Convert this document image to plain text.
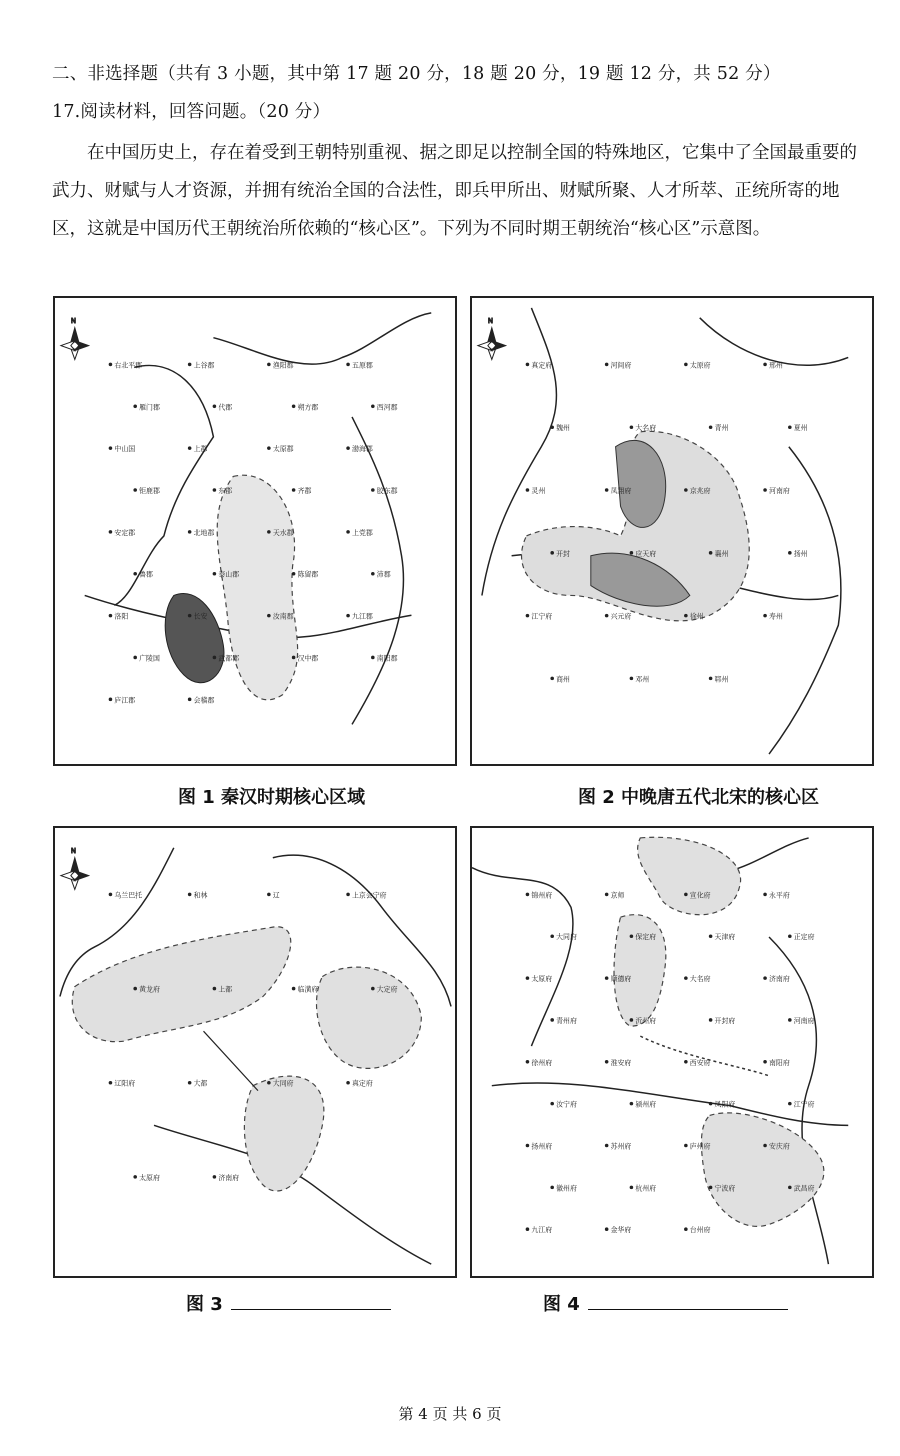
二、非选择题（共有 3 小题，其中第 17 题 20 分，18 题 20 分，19 题 12 分，共 52 分）
17.阅读材料，回答问题。（20 分）
在中国历史上，存在着受到王朝特别重视、据之即足以控制全国的特殊地区，它集中了全国最重要的武力、财赋与人才资源，并拥有统治全国的合法性，即兵甲所出、财赋所聚、人才所萃、正统所寄的地区，这就是中国历代王朝统治所依赖的“核心区”。下列为不同时期王朝统治“核心区”示意图。
N
右北平郡	上谷郡	渔阳郡	五原郡
雁门郡	代郡	朔方郡	西河郡
中山国	上郡	太原郡	渤海郡
钜鹿郡	东郡	齐郡	胶东郡
安定郡	北地郡	天水郡	上党郡
鲁郡	泰山郡	陈留郡	沛郡
洛阳	长安	汝南郡	九江郡
广陵国	武都郡	汉中郡	南阳郡
庐江郡	会稽郡
图 1 秦汉时期核心区域
N
真定府	河间府	太原府	邢州
魏州	大名府	青州	夏州
灵州	凤翔府	京兆府	河南府
开封	应天府	襄州	扬州
江宁府	兴元府	徐州	寿州
商州	邓州	郓州
图 2 中晚唐五代北宋的核心区
N
乌兰巴托	和林	辽	上京会宁府
黄龙府	上都	临潢府	大定府
辽阳府	大都	大同府	真定府
太原府	济南府
图 3
锦州府	京师	宣化府	永平府
大同府	保定府	天津府	正定府
太原府	顺德府	大名府	济南府
青州府	沂州府	开封府	河南府
徐州府	淮安府	西安府	南阳府
汝宁府	颍州府	凤阳府	江宁府
扬州府	苏州府	庐州府	安庆府
徽州府	杭州府	宁波府	武昌府
九江府	金华府	台州府
图 4
第 4 页 共 6 页
